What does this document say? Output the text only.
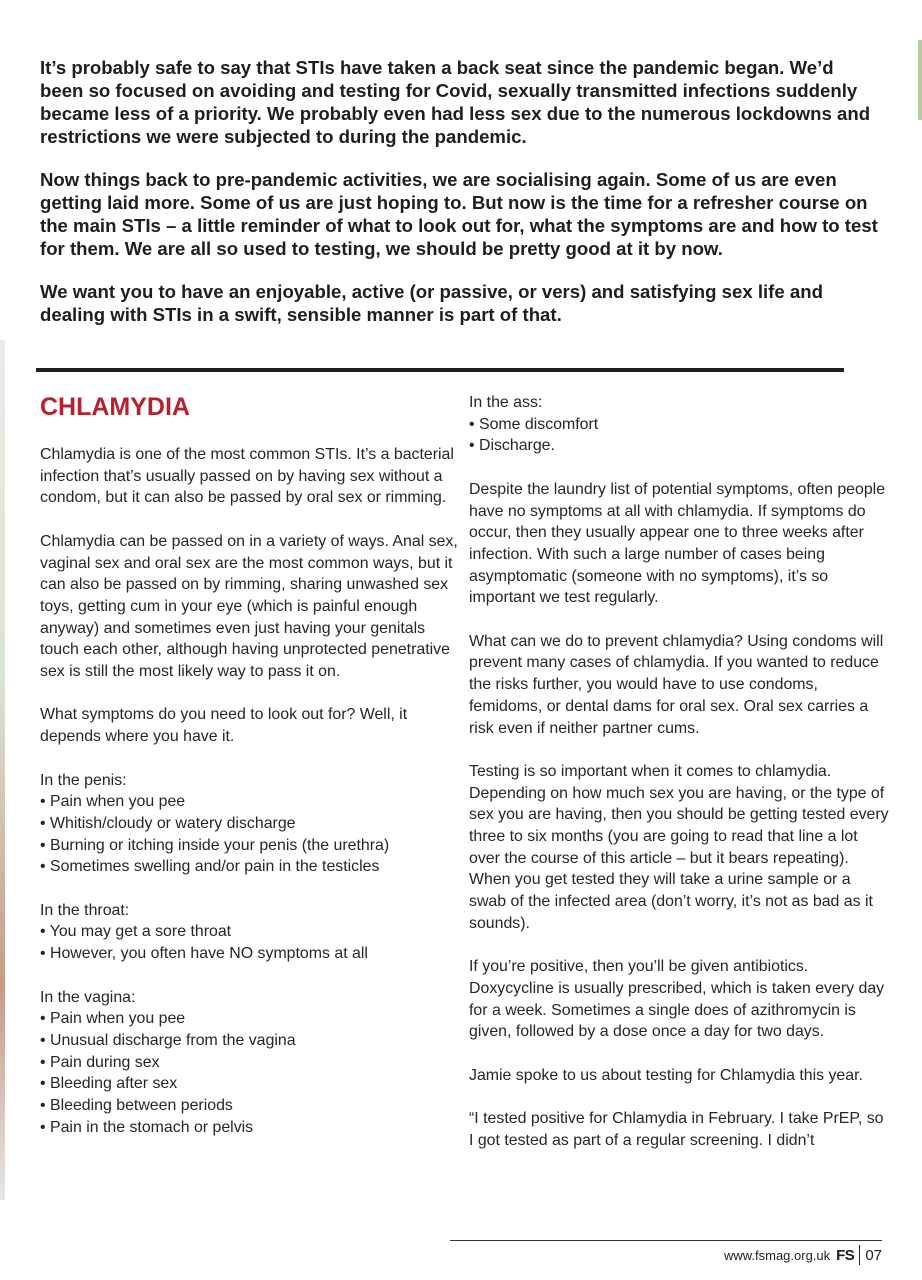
It’s probably safe to say that STIs have taken a back seat since the pandemic began. We’d been so focused on avoiding and testing for Covid, sexually transmitted infections suddenly became less of a priority. We probably even had less sex due to the numerous lockdowns and restrictions we were subjected to during the pandemic.

Now things back to pre-pandemic activities, we are socialising again. Some of us are even getting laid more. Some of us are just hoping to. But now is the time for a refresher course on the main STIs – a little reminder of what to look out for, what the symptoms are and how to test for them. We are all so used to testing, we should be pretty good at it by now.

We want you to have an enjoyable, active (or passive, or vers) and satisfying sex life and dealing with STIs in a swift, sensible manner is part of that.

CHLAMYDIA

Chlamydia is one of the most common STIs. It’s a bacterial infection that’s usually passed on by having sex without a condom, but it can also be passed by oral sex or rimming.

Chlamydia can be passed on in a variety of ways. Anal sex, vaginal sex and oral sex are the most common ways, but it can also be passed on by rimming, sharing unwashed sex toys, getting cum in your eye (which is painful enough anyway) and sometimes even just having your genitals touch each other, although having unprotected penetrative sex is still the most likely way to pass it on.

What symptoms do you need to look out for? Well, it depends where you have it.

In the penis:

• Pain when you pee

• Whitish/cloudy or watery discharge

• Burning or itching inside your penis (the urethra)

• Sometimes swelling and/or pain in the testicles

In the throat:

• You may get a sore throat

• However, you often have NO symptoms at all

In the vagina:

• Pain when you pee

• Unusual discharge from the vagina

• Pain during sex

• Bleeding after sex

• Bleeding between periods

• Pain in the stomach or pelvis

In the ass:

• Some discomfort

• Discharge.

Despite the laundry list of potential symptoms, often people have no symptoms at all with chlamydia. If symptoms do occur, then they usually appear one to three weeks after infection. With such a large number of cases being asymptomatic (someone with no symptoms), it’s so important we test regularly.

What can we do to prevent chlamydia? Using condoms will prevent many cases of chlamydia. If you wanted to reduce the risks further, you would have to use condoms, femidoms, or dental dams for oral sex. Oral sex carries a risk even if neither partner cums.

Testing is so important when it comes to chlamydia. Depending on how much sex you are having, or the type of sex you are having, then you should be getting tested every three to six months (you are going to read that line a lot over the course of this article – but it bears repeating). When you get tested they will take a urine sample or a swab of the infected area (don’t worry, it’s not as bad as it sounds).

If you’re positive, then you’ll be given antibiotics. Doxycycline is usually prescribed, which is taken every day for a week. Sometimes a single does of azithromycin is given, followed by a dose once a day for two days.

Jamie spoke to us about testing for Chlamydia this year.

“I tested positive for Chlamydia in February. I take PrEP, so I got tested as part of a regular screening. I didn’t

www.fsmag.org.uk FS 07
